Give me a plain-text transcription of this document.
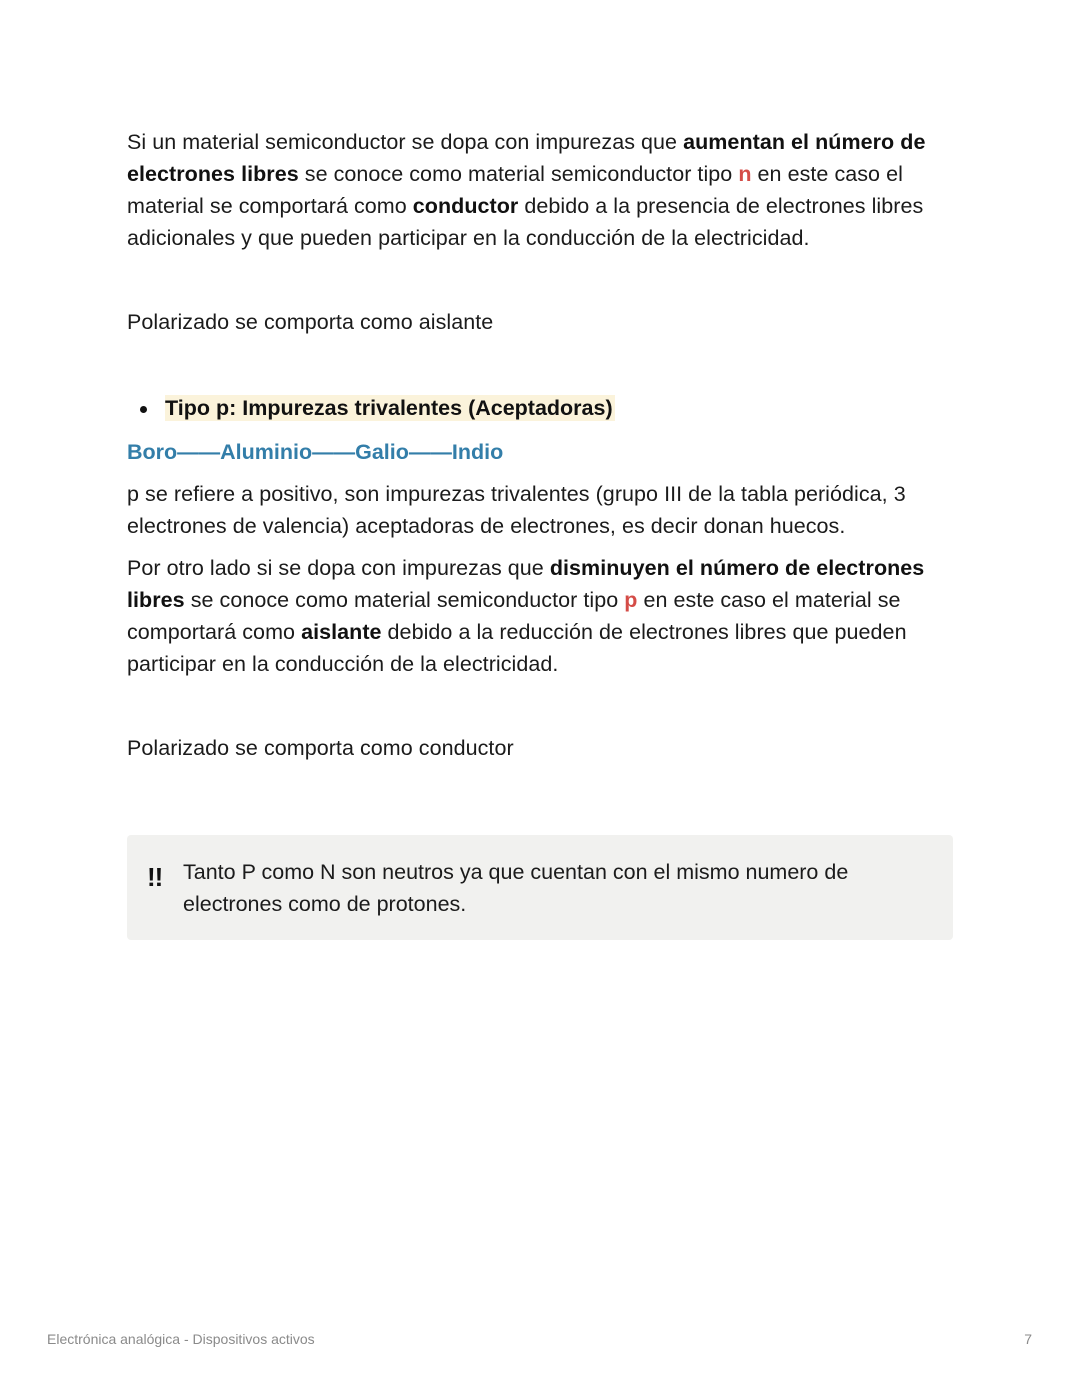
Si un material semiconductor se dopa con impurezas que aumentan el número de electrones libres se conoce como material semiconductor tipo n en este caso el material se comportará como conductor debido a la presencia de electrones libres adicionales y que pueden participar en la conducción de la electricidad.

Polarizado se comporta como aislante

Tipo p: Impurezas trivalentes (Aceptadoras)
Boro——Aluminio——Galio——Indio

p se refiere a positivo, son impurezas trivalentes (grupo III de la tabla periódica, 3 electrones de valencia) aceptadoras de electrones, es decir donan huecos.

Por otro lado si se dopa con impurezas que disminuyen el número de electrones libres se conoce como material semiconductor tipo p en este caso el material se comportará como aislante debido a la reducción de electrones libres que pueden participar en la conducción de la electricidad.

Polarizado se comporta como conductor

!! Tanto P como N son neutros ya que cuentan con el mismo numero de electrones como de protones.
Electrónica analógica - Dispositivos activos	7
